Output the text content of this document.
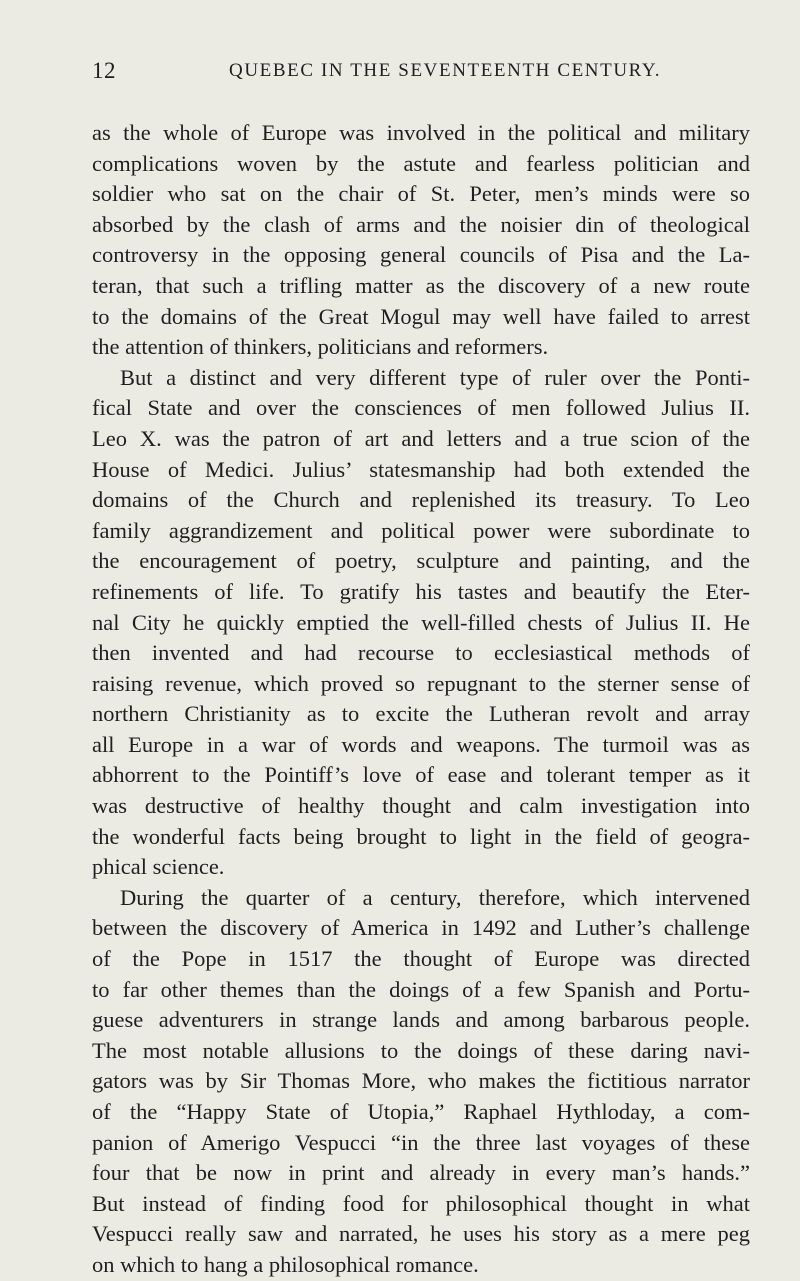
12	QUEBEC IN THE SEVENTEENTH CENTURY.
as the whole of Europe was involved in the political and military
complications woven by the astute and fearless politician and
soldier who sat on the chair of St. Peter, men’s minds were so
absorbed by the clash of arms and the noisier din of theological
controversy in the opposing general councils of Pisa and the La-
teran, that such a trifling matter as the discovery of a new route
to the domains of the Great Mogul may well have failed to arrest
the attention of thinkers, politicians and reformers.
But a distinct and very different type of ruler over the Ponti-
fical State and over the consciences of men followed Julius II.
Leo X. was the patron of art and letters and a true scion of the
House of Medici. Julius’ statesmanship had both extended the
domains of the Church and replenished its treasury. To Leo
family aggrandizement and political power were subordinate to
the encouragement of poetry, sculpture and painting, and the
refinements of life. To gratify his tastes and beautify the Eter-
nal City he quickly emptied the well-filled chests of Julius II. He
then invented and had recourse to ecclesiastical methods of
raising revenue, which proved so repugnant to the sterner sense of
northern Christianity as to excite the Lutheran revolt and array
all Europe in a war of words and weapons. The turmoil was as
abhorrent to the Pointiff’s love of ease and tolerant temper as it
was destructive of healthy thought and calm investigation into
the wonderful facts being brought to light in the field of geogra-
phical science.
During the quarter of a century, therefore, which intervened
between the discovery of America in 1492 and Luther’s challenge
of the Pope in 1517 the thought of Europe was directed
to far other themes than the doings of a few Spanish and Portu-
guese adventurers in strange lands and among barbarous people.
The most notable allusions to the doings of these daring navi-
gators was by Sir Thomas More, who makes the fictitious narrator
of the “Happy State of Utopia,” Raphael Hythloday, a com-
panion of Amerigo Vespucci “in the three last voyages of these
four that be now in print and already in every man’s hands.”
But instead of finding food for philosophical thought in what
Vespucci really saw and narrated, he uses his story as a mere peg
on which to hang a philosophical romance.
